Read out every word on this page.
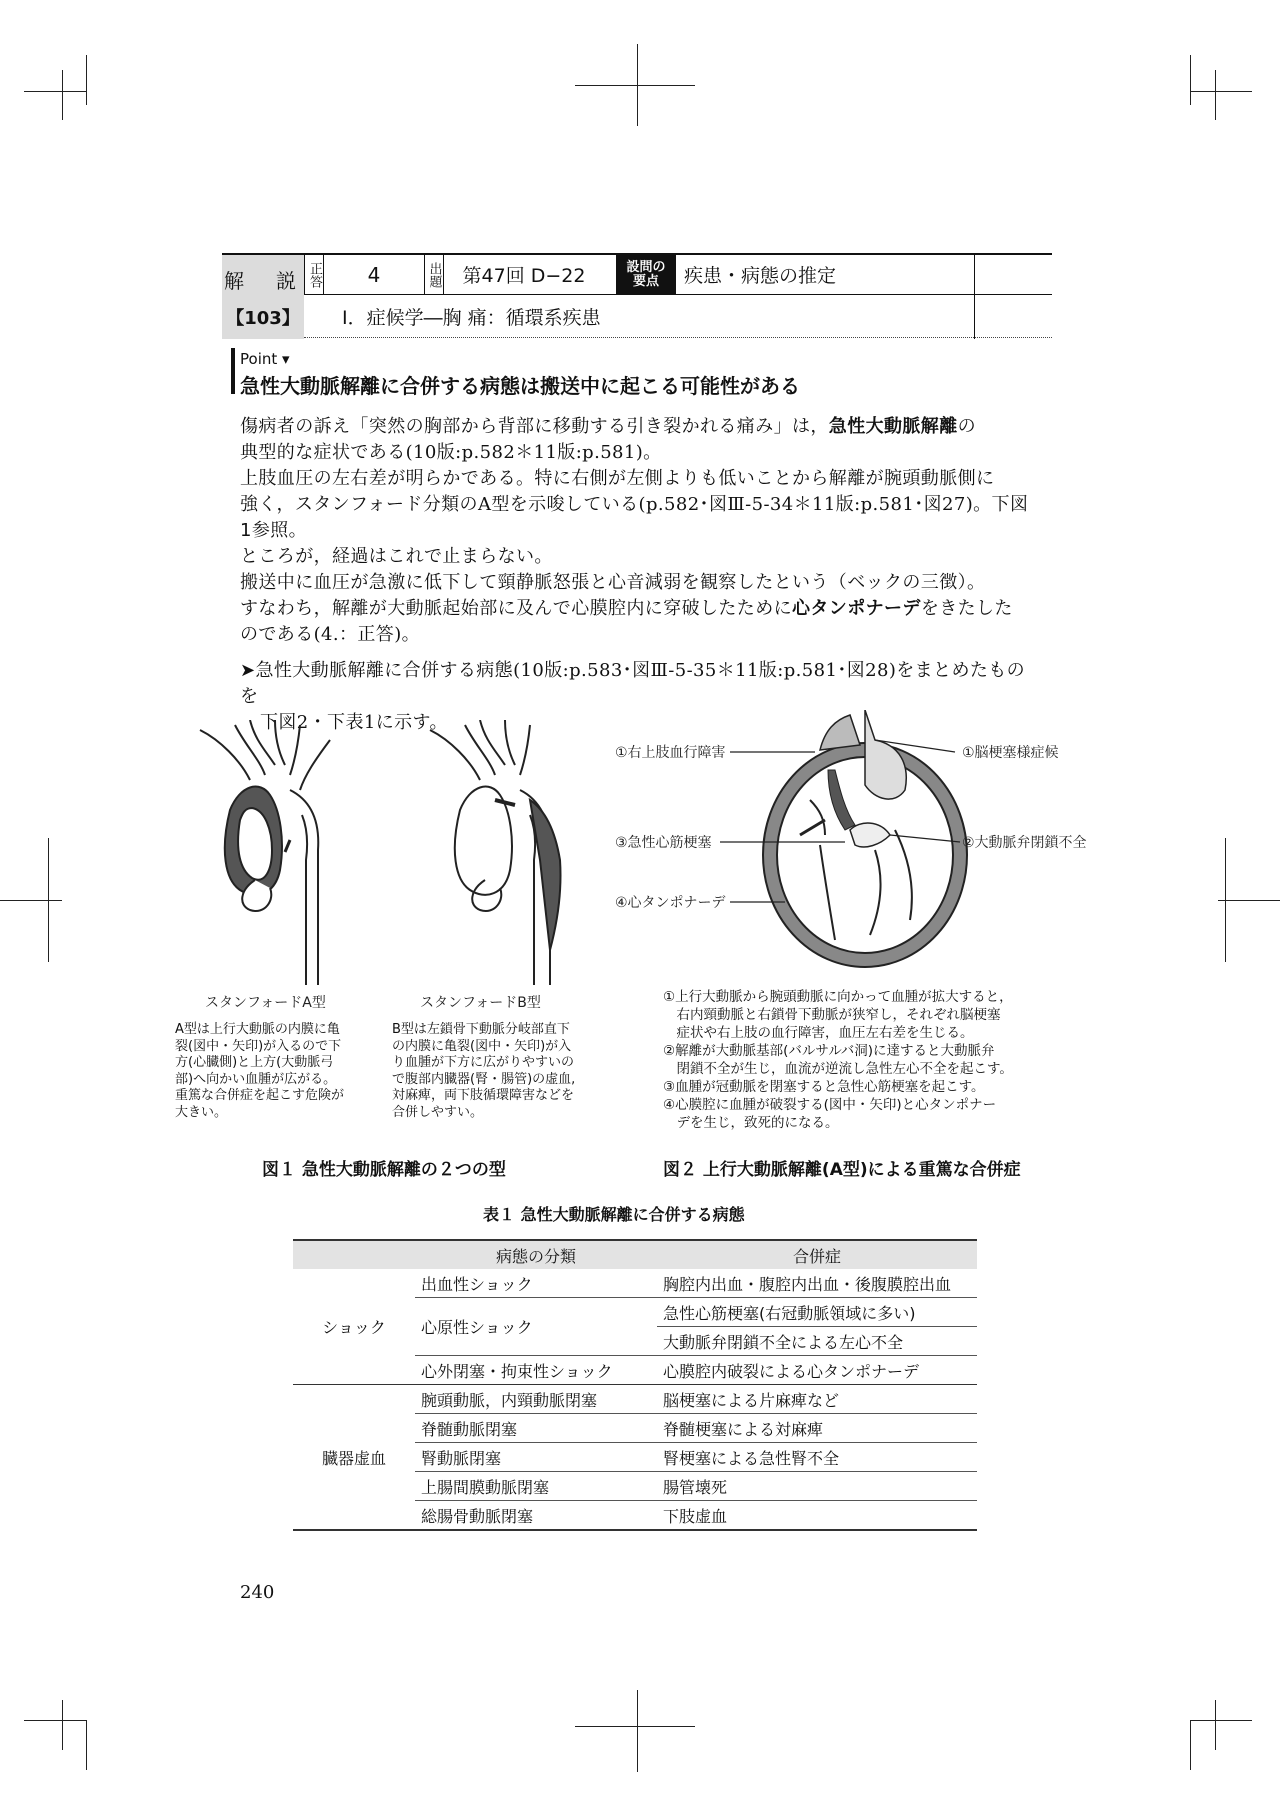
解　説
【103】
正答	4	出題	第47回 D−22	設問の要点	疾患・病態の推定
Ⅰ．症候学―胸 痛：循環系疾患
Point ▾
急性大動脈解離に合併する病態は搬送中に起こる可能性がある

傷病者の訴え「突然の胸部から背部に移動する引き裂かれる痛み」は，急性大動脈解離の

典型的な症状である(10版:p.582＊11版:p.581)。

上肢血圧の左右差が明らかである。特に右側が左側よりも低いことから解離が腕頭動脈側に

強く，スタンフォード分類のA型を示唆している(p.582･図Ⅲ-5-34＊11版:p.581･図27)。下図1参照。

ところが，経過はこれで止まらない。

搬送中に血圧が急激に低下して頸静脈怒張と心音減弱を観察したという（ベックの三徴）。

すなわち，解離が大動脈起始部に及んで心膜腔内に穿破したために心タンポナーデをきたした

のである(4.：正答)。

➤急性大動脈解離に合併する病態(10版:p.583･図Ⅲ-5-35＊11版:p.581･図28)をまとめたものを

下図2・下表1に示す。

スタンフォードA型	スタンフォードB型
A型は上行大動脈の内膜に亀
裂(図中・矢印)が入るので下
方(心臓側)と上方(大動脈弓
部)へ向かい血腫が広がる。
重篤な合併症を起こす危険が
大きい。
B型は左鎖骨下動脈分岐部直下
の内膜に亀裂(図中・矢印)が入
り血腫が下方に広がりやすいの
で腹部内臓器(腎・腸管)の虚血,
対麻痺，両下肢循環障害などを
合併しやすい。
図１ 急性大動脈解離の２つの型
①右上肢血行障害	①脳梗塞様症候
③急性心筋梗塞	②大動脈弁閉鎖不全
④心タンポナーデ
①上行大動脈から腕頭動脈に向かって血腫が拡大すると，
　右内頸動脈と右鎖骨下動脈が狭窄し，それぞれ脳梗塞
　症状や右上肢の血行障害，血圧左右差を生じる。
②解離が大動脈基部(バルサルバ洞)に達すると大動脈弁
　閉鎖不全が生じ，血流が逆流し急性左心不全を起こす。
③血腫が冠動脈を閉塞すると急性心筋梗塞を起こす。
④心膜腔に血腫が破裂する(図中・矢印)と心タンポナー
　デを生じ，致死的になる。
図２ 上行大動脈解離(A型)による重篤な合併症
表１ 急性大動脈解離に合併する病態
	病態の分類	合併症
ショック	出血性ショック	胸腔内出血・腹腔内出血・後腹膜腔出血
	心原性ショック	急性心筋梗塞(右冠動脈領域に多い)
		大動脈弁閉鎖不全による左心不全
	心外閉塞・拘束性ショック	心膜腔内破裂による心タンポナーデ
臓器虚血	腕頭動脈，内頸動脈閉塞	脳梗塞による片麻痺など
	脊髄動脈閉塞	脊髄梗塞による対麻痺
	腎動脈閉塞	腎梗塞による急性腎不全
	上腸間膜動脈閉塞	腸管壊死
	総腸骨動脈閉塞	下肢虚血
240
